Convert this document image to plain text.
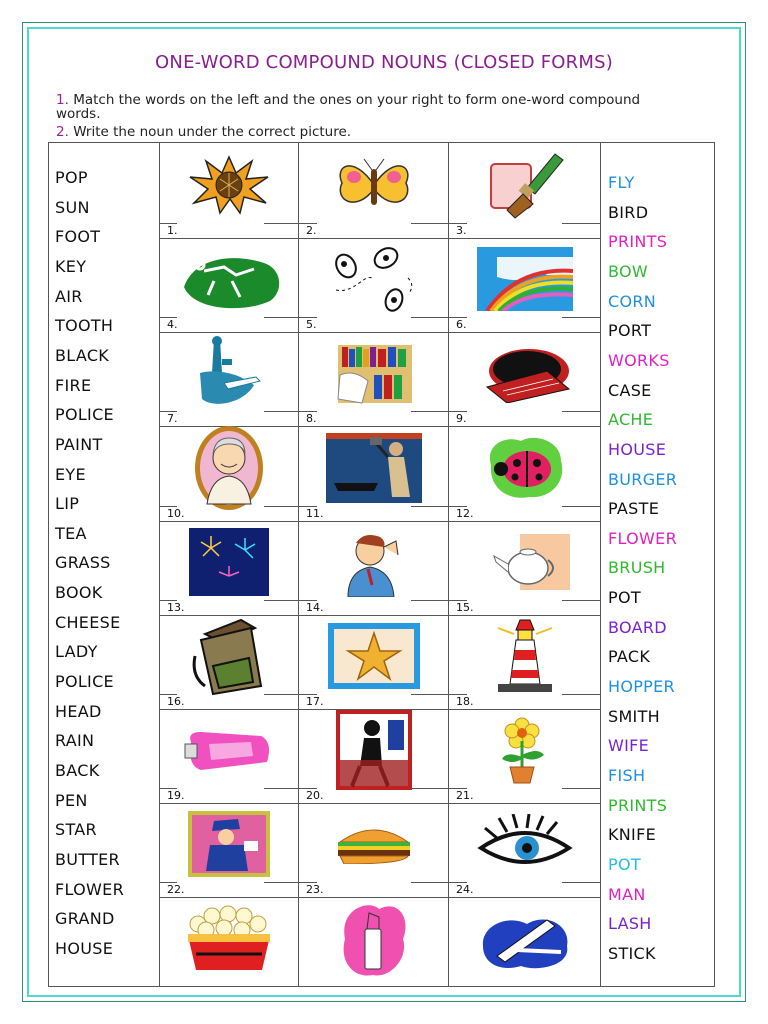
ONE-WORD COMPOUND NOUNS (CLOSED FORMS)
1. Match the words on the left and the ones on your right to form one-word compound words.
2. Write the noun under the correct picture.
POP
SUN
FOOT
KEY
AIR
TOOTH
BLACK
FIRE
POLICE
PAINT
EYE
LIP
TEA
GRASS
BOOK
CHEESE
LADY
POLICE
HEAD
RAIN
BACK
PEN
STAR
BUTTER
FLOWER
GRAND
HOUSE
FLY
BIRD
PRINTS
BOW
CORN
PORT
WORKS
CASE
ACHE
HOUSE
BURGER
PASTE
FLOWER
BRUSH
POT
BOARD
PACK
HOPPER
SMITH
WIFE
FISH
PRINTS
KNIFE
POT
MAN
LASH
STICK
1.	2.	3.
4.	5.	6.
7.	8.	9.
10.	11.	12.
13.	14.	15.
16.	17.	18.
19.	20.	21.
22.	23.	24.
